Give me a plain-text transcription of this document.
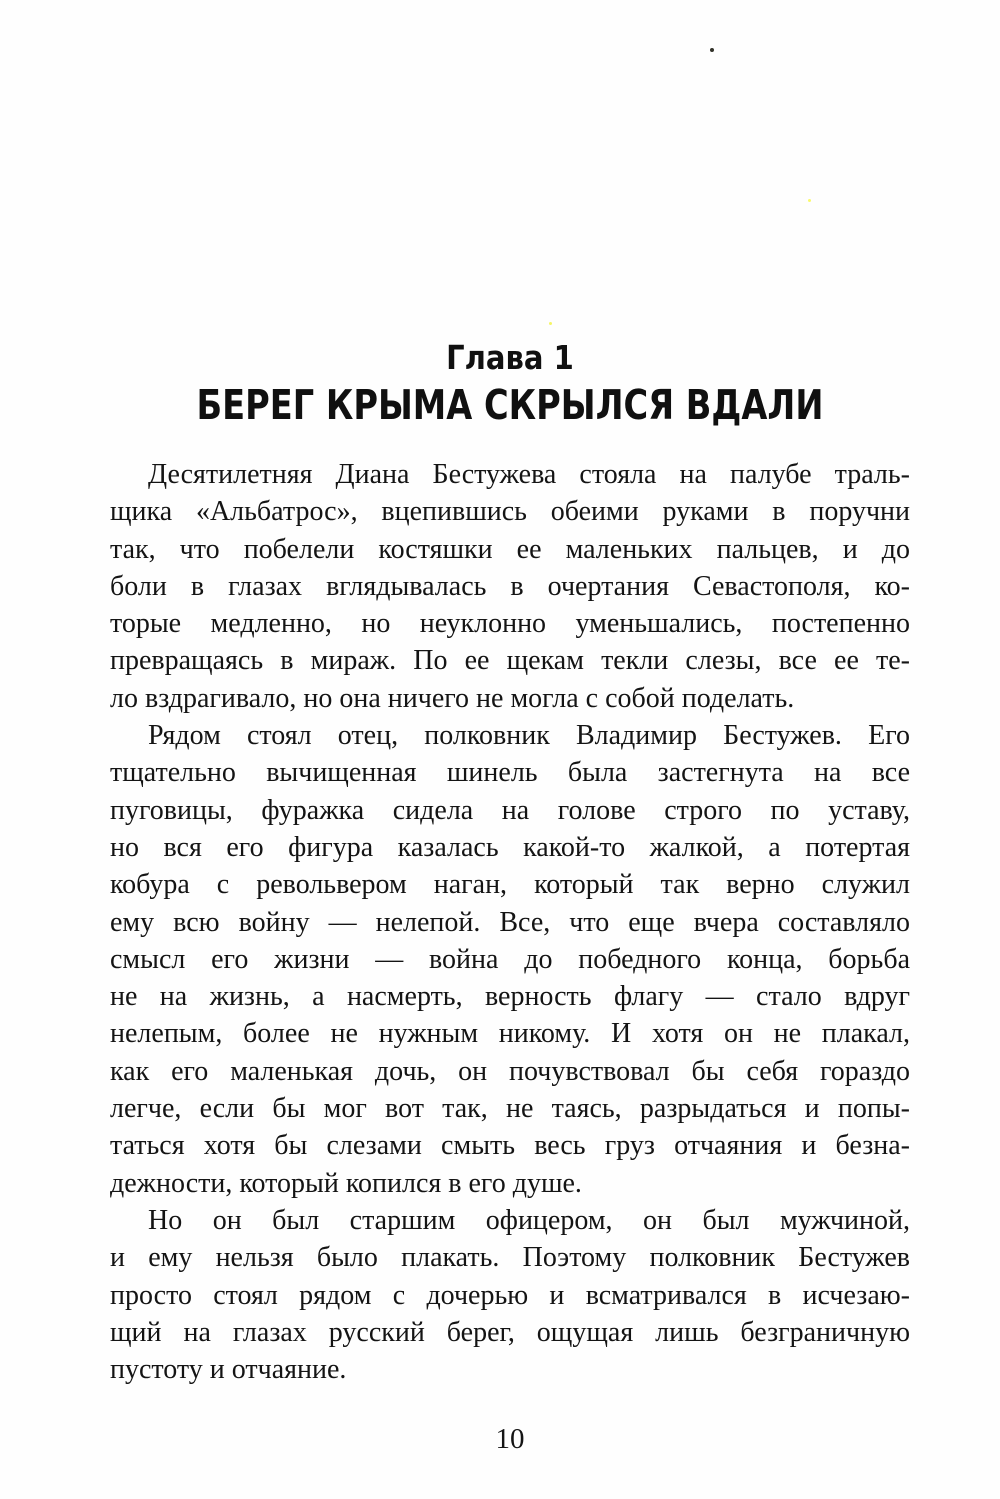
Глава 1
БЕРЕГ КРЫМА СКРЫЛСЯ ВДАЛИ
Десятилетняя Диана Бестужева стояла на палубе траль-
щика «Альбатрос», вцепившись обеими руками в поручни
так, что побелели костяшки ее маленьких пальцев, и до
боли в глазах вглядывалась в очертания Севастополя, ко-
торые медленно, но неуклонно уменьшались, постепенно
превращаясь в мираж. По ее щекам текли слезы, все ее те-
ло вздрагивало, но она ничего не могла с собой поделать.
Рядом стоял отец, полковник Владимир Бестужев. Его
тщательно вычищенная шинель была застегнута на все
пуговицы, фуражка сидела на голове строго по уставу,
но вся его фигура казалась какой-то жалкой, а потертая
кобура с револьвером наган, который так верно служил
ему всю войну — нелепой. Все, что еще вчера составляло
смысл его жизни — война до победного конца, борьба
не на жизнь, а насмерть, верность флагу — стало вдруг
нелепым, более не нужным никому. И хотя он не плакал,
как его маленькая дочь, он почувствовал бы себя гораздо
легче, если бы мог вот так, не таясь, разрыдаться и попы-
таться хотя бы слезами смыть весь груз отчаяния и безна-
дежности, который копился в его душе.
Но он был старшим офицером, он был мужчиной,
и ему нельзя было плакать. Поэтому полковник Бестужев
просто стоял рядом с дочерью и всматривался в исчезаю-
щий на глазах русский берег, ощущая лишь безграничную
пустоту и отчаяние.
10
